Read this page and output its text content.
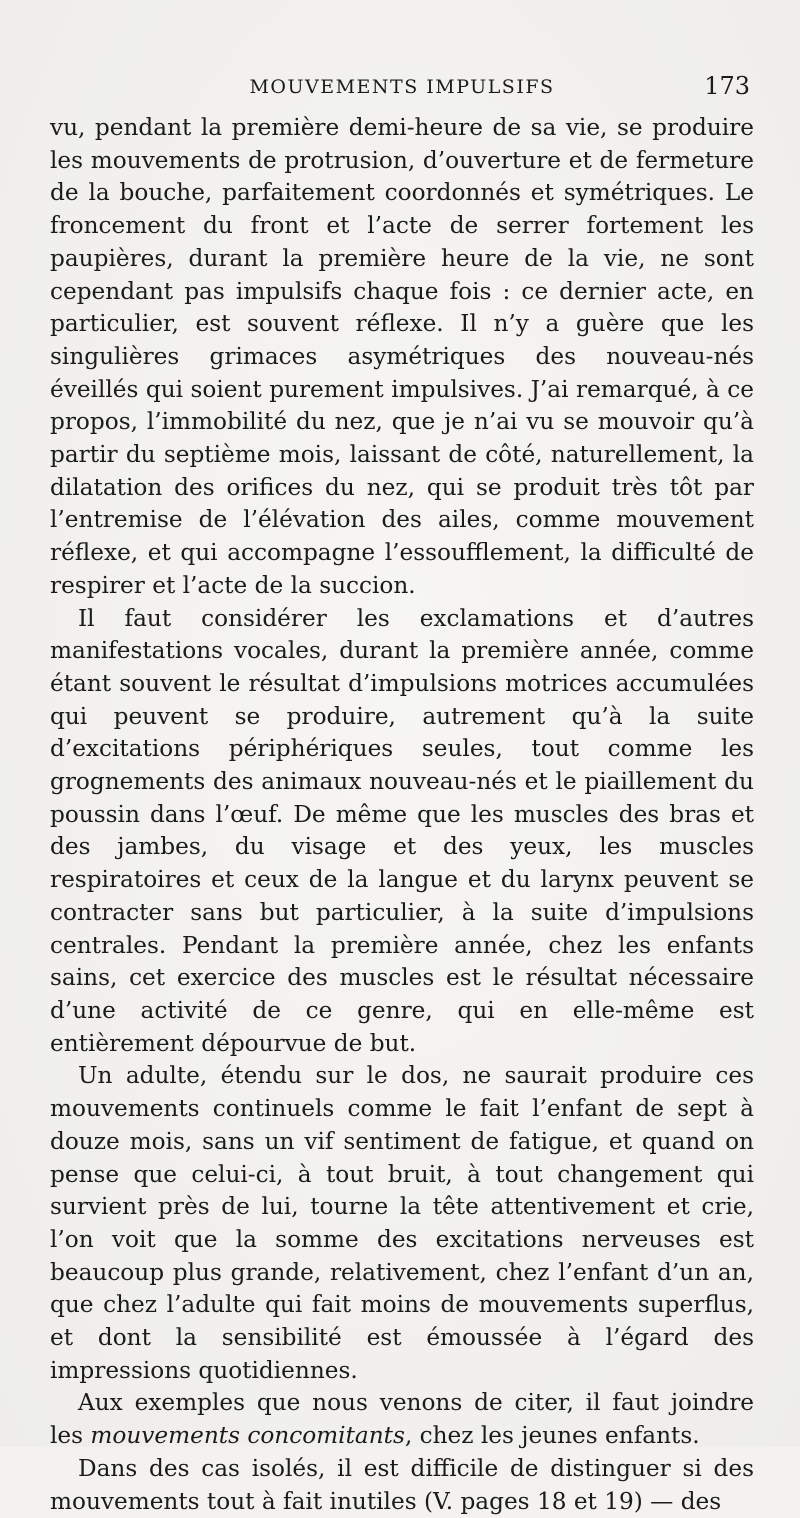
MOUVEMENTS IMPULSIFS	173

vu, pendant la première demi-heure de sa vie, se produire les mouvements de protrusion, d’ouverture et de fermeture de la bouche, parfaitement coordonnés et symétriques. Le froncement du front et l’acte de serrer fortement les paupières, durant la première heure de la vie, ne sont cependant pas impulsifs chaque fois : ce dernier acte, en particulier, est souvent réflexe. Il n’y a guère que les singulières grimaces asymétriques des nouveau-nés éveillés qui soient purement impulsives. J’ai remarqué, à ce propos, l’immobilité du nez, que je n’ai vu se mouvoir qu’à partir du septième mois, laissant de côté, naturellement, la dilatation des orifices du nez, qui se produit très tôt par l’entremise de l’élévation des ailes, comme mouvement réflexe, et qui accompagne l’essoufflement, la difficulté de respirer et l’acte de la succion.

Il faut considérer les exclamations et d’autres manifestations vocales, durant la première année, comme étant souvent le résultat d’impulsions motrices accumulées qui peuvent se produire, autrement qu’à la suite d’excitations périphériques seules, tout comme les grognements des animaux nouveau-nés et le piaillement du poussin dans l’œuf. De même que les muscles des bras et des jambes, du visage et des yeux, les muscles respiratoires et ceux de la langue et du larynx peuvent se contracter sans but particulier, à la suite d’impulsions centrales. Pendant la première année, chez les enfants sains, cet exercice des muscles est le résultat nécessaire d’une activité de ce genre, qui en elle-même est entièrement dépourvue de but.

Un adulte, étendu sur le dos, ne saurait produire ces mouvements continuels comme le fait l’enfant de sept à douze mois, sans un vif sentiment de fatigue, et quand on pense que celui-ci, à tout bruit, à tout changement qui survient près de lui, tourne la tête attentivement et crie, l’on voit que la somme des excitations nerveuses est beaucoup plus grande, relativement, chez l’enfant d’un an, que chez l’adulte qui fait moins de mouvements superflus, et dont la sensibilité est émoussée à l’égard des impressions quotidiennes.

Aux exemples que nous venons de citer, il faut joindre les mouvements concomitants, chez les jeunes enfants.

Dans des cas isolés, il est difficile de distinguer si des mouvements tout à fait inutiles (V. pages 18 et 19) — des
